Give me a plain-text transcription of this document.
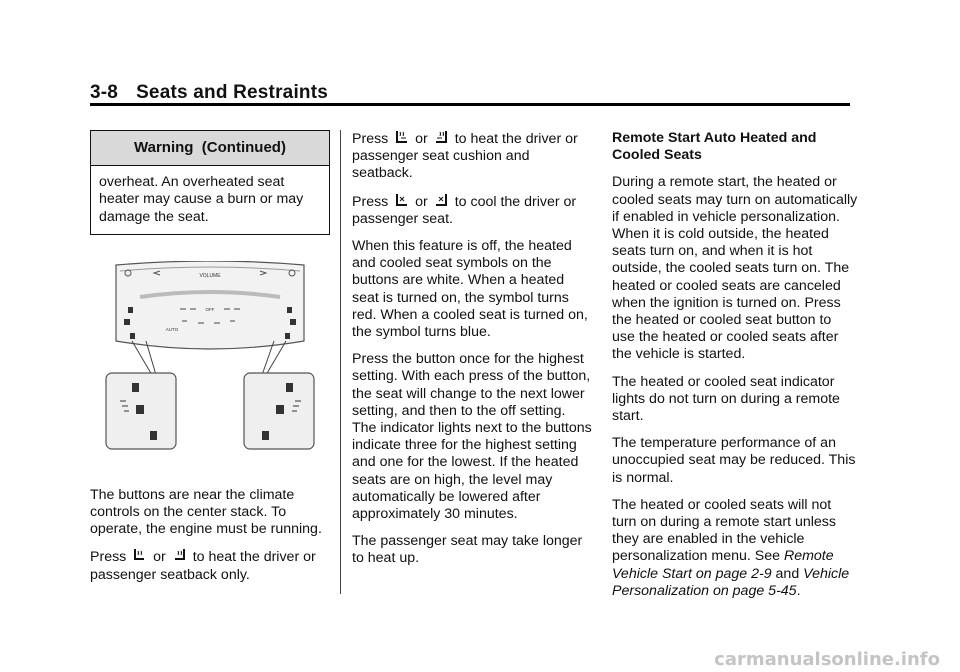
3-8 Seats and Restraints
Warning  (Continued)
overheat. An overheated seat heater may cause a burn or may damage the seat.
VOLUME
OFF
AUTO

The buttons are near the climate controls on the center stack. To operate, the engine must be running.

Press or to heat the driver or passenger seatback only.

Press or to heat the driver or passenger seat cushion and seatback.

Press or to cool the driver or passenger seat.

When this feature is off, the heated and cooled seat symbols on the buttons are white. When a heated seat is turned on, the symbol turns red. When a cooled seat is turned on, the symbol turns blue.

Press the button once for the highest setting. With each press of the button, the seat will change to the next lower setting, and then to the off setting. The indicator lights next to the buttons indicate three for the highest setting and one for the lowest. If the heated seats are on high, the level may automatically be lowered after approximately 30 minutes.

The passenger seat may take longer to heat up.

Remote Start Auto Heated and Cooled Seats

During a remote start, the heated or cooled seats may turn on automatically if enabled in vehicle personalization. When it is cold outside, the heated seats turn on, and when it is hot outside, the cooled seats turn on. The heated or cooled seats are canceled when the ignition is turned on. Press the heated or cooled seat button to use the heated or cooled seats after the vehicle is started.

The heated or cooled seat indicator lights do not turn on during a remote start.

The temperature performance of an unoccupied seat may be reduced. This is normal.

The heated or cooled seats will not turn on during a remote start unless they are enabled in the vehicle personalization menu. See Remote Vehicle Start on page 2-9 and Vehicle Personalization on page 5-45.

carmanualsonline.info
